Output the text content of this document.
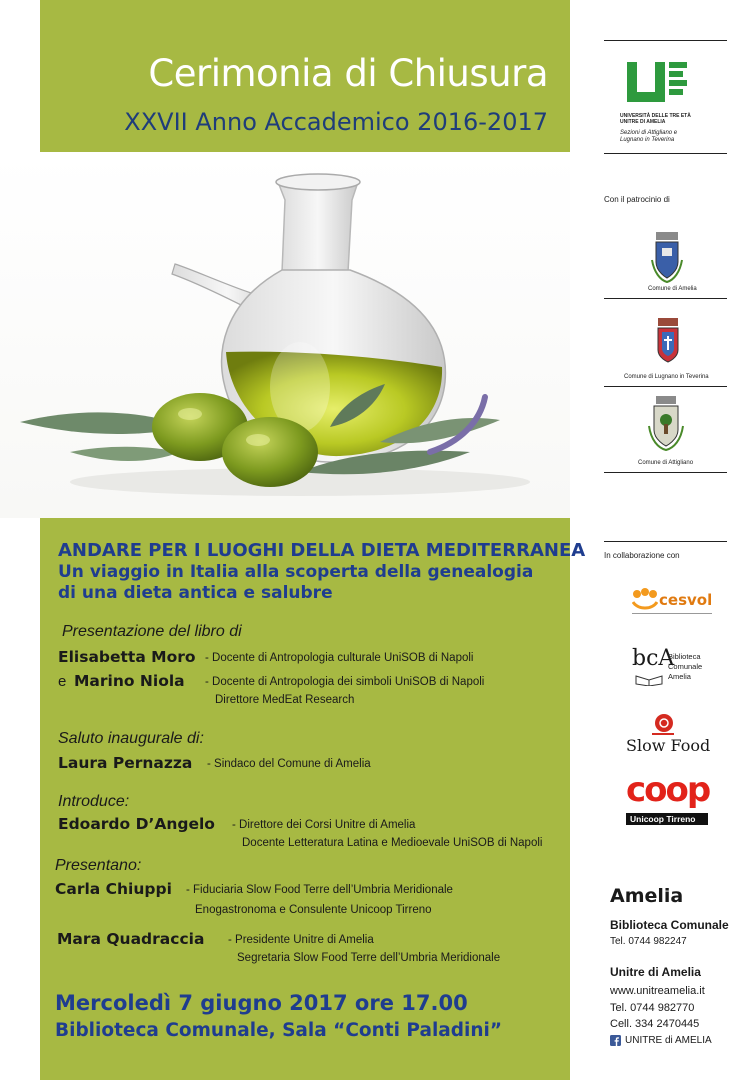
Cerimonia di Chiusura
XXVII Anno Accademico 2016-2017
ANDARE PER I LUOGHI DELLA DIETA MEDITERRANEA
Un viaggio in Italia alla scoperta della genealogia
di una dieta antica e salubre
Presentazione del libro di
Elisabetta Moro - Docente di Antropologia culturale UniSOB di Napoli
e Marino Niola - Docente di Antropologia dei simboli UniSOB di Napoli
Direttore MedEat Research
Saluto inaugurale di:
Laura Pernazza - Sindaco del Comune di Amelia
Introduce:
Edoardo D’Angelo - Direttore dei Corsi Unitre di Amelia
Docente Letteratura Latina e Medioevale UniSOB di Napoli
Presentano:
Carla Chiuppi - Fiduciaria Slow Food Terre dell’Umbria Meridionale
Enogastronoma e Consulente Unicoop Tirreno
Mara Quadraccia - Presidente Unitre di Amelia
Segretaria Slow Food Terre dell’Umbria Meridionale
Mercoledì 7 giugno 2017 ore 17.00
Biblioteca Comunale, Sala “Conti Paladini”
UNIVERSITÀ DELLE TRE ETÀ UNITRE DI AMELIA
Sezioni di Attigliano e
Lugnano in Teverina
Con il patrocinio di
Comune di Amelia
Comune di Lugnano in Teverina
Comune di Attigliano
In collaborazione con
cesvol
bcA
Biblioteca
Comunale
Amelia
Slow Food
coop
Unicoop Tirreno
Amelia
Biblioteca Comunale
Tel. 0744 982247
Unitre di Amelia
www.unitreamelia.it
Tel. 0744 982770
Cell. 334 2470445
UNITRE di AMELIA
